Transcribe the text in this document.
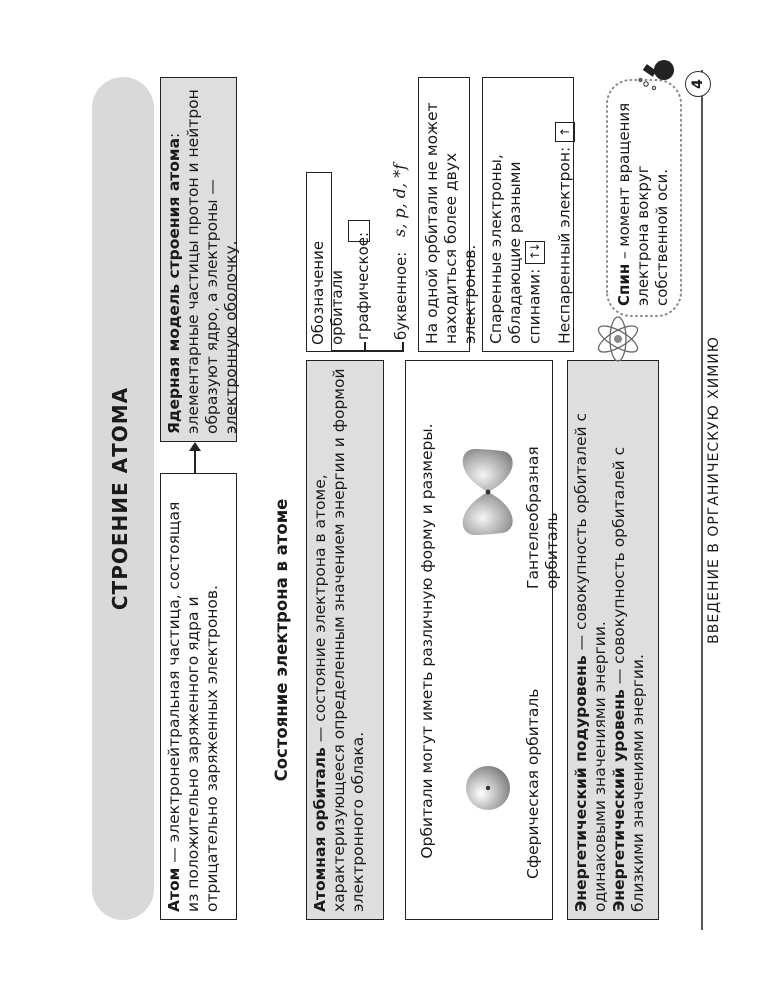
СТРОЕНИЕ АТОМА
Атом — электронейтральная частица, состоящая из положительно заряженного ядра и отрицательно заряженных электронов.
Ядерная модель строения атома: элементарные частицы протон и нейтрон образуют ядро, а электроны — электронную оболочку.
Состояние электрона в атоме
Атомная орбиталь — состояние электрона в атоме, характеризующееся определенным значением энергии и формой электронного облака.	Орбитали могут иметь различную форму и размеры.	Сферическая орбиталь
Гантелеобразная орбиталь
Энергетический подуровень — совокупность орбиталей с одинаковыми значениями энергии.
Энергетический уровень — совокупность орбиталей с близкими значениями энергии.
Обозначение орбитали графическое: буквенное:
s, p, d, *f На одной орбитали не может находиться более двух электронов. Спаренные электроны, обладающие разными спинами: ↑↓ Неспаренный электрон: ↑
Спин – момент вращения электрона вокруг собственной оси.
ВВЕДЕНИЕ В ОРГАНИЧЕСКУЮ ХИМИЮ
4
